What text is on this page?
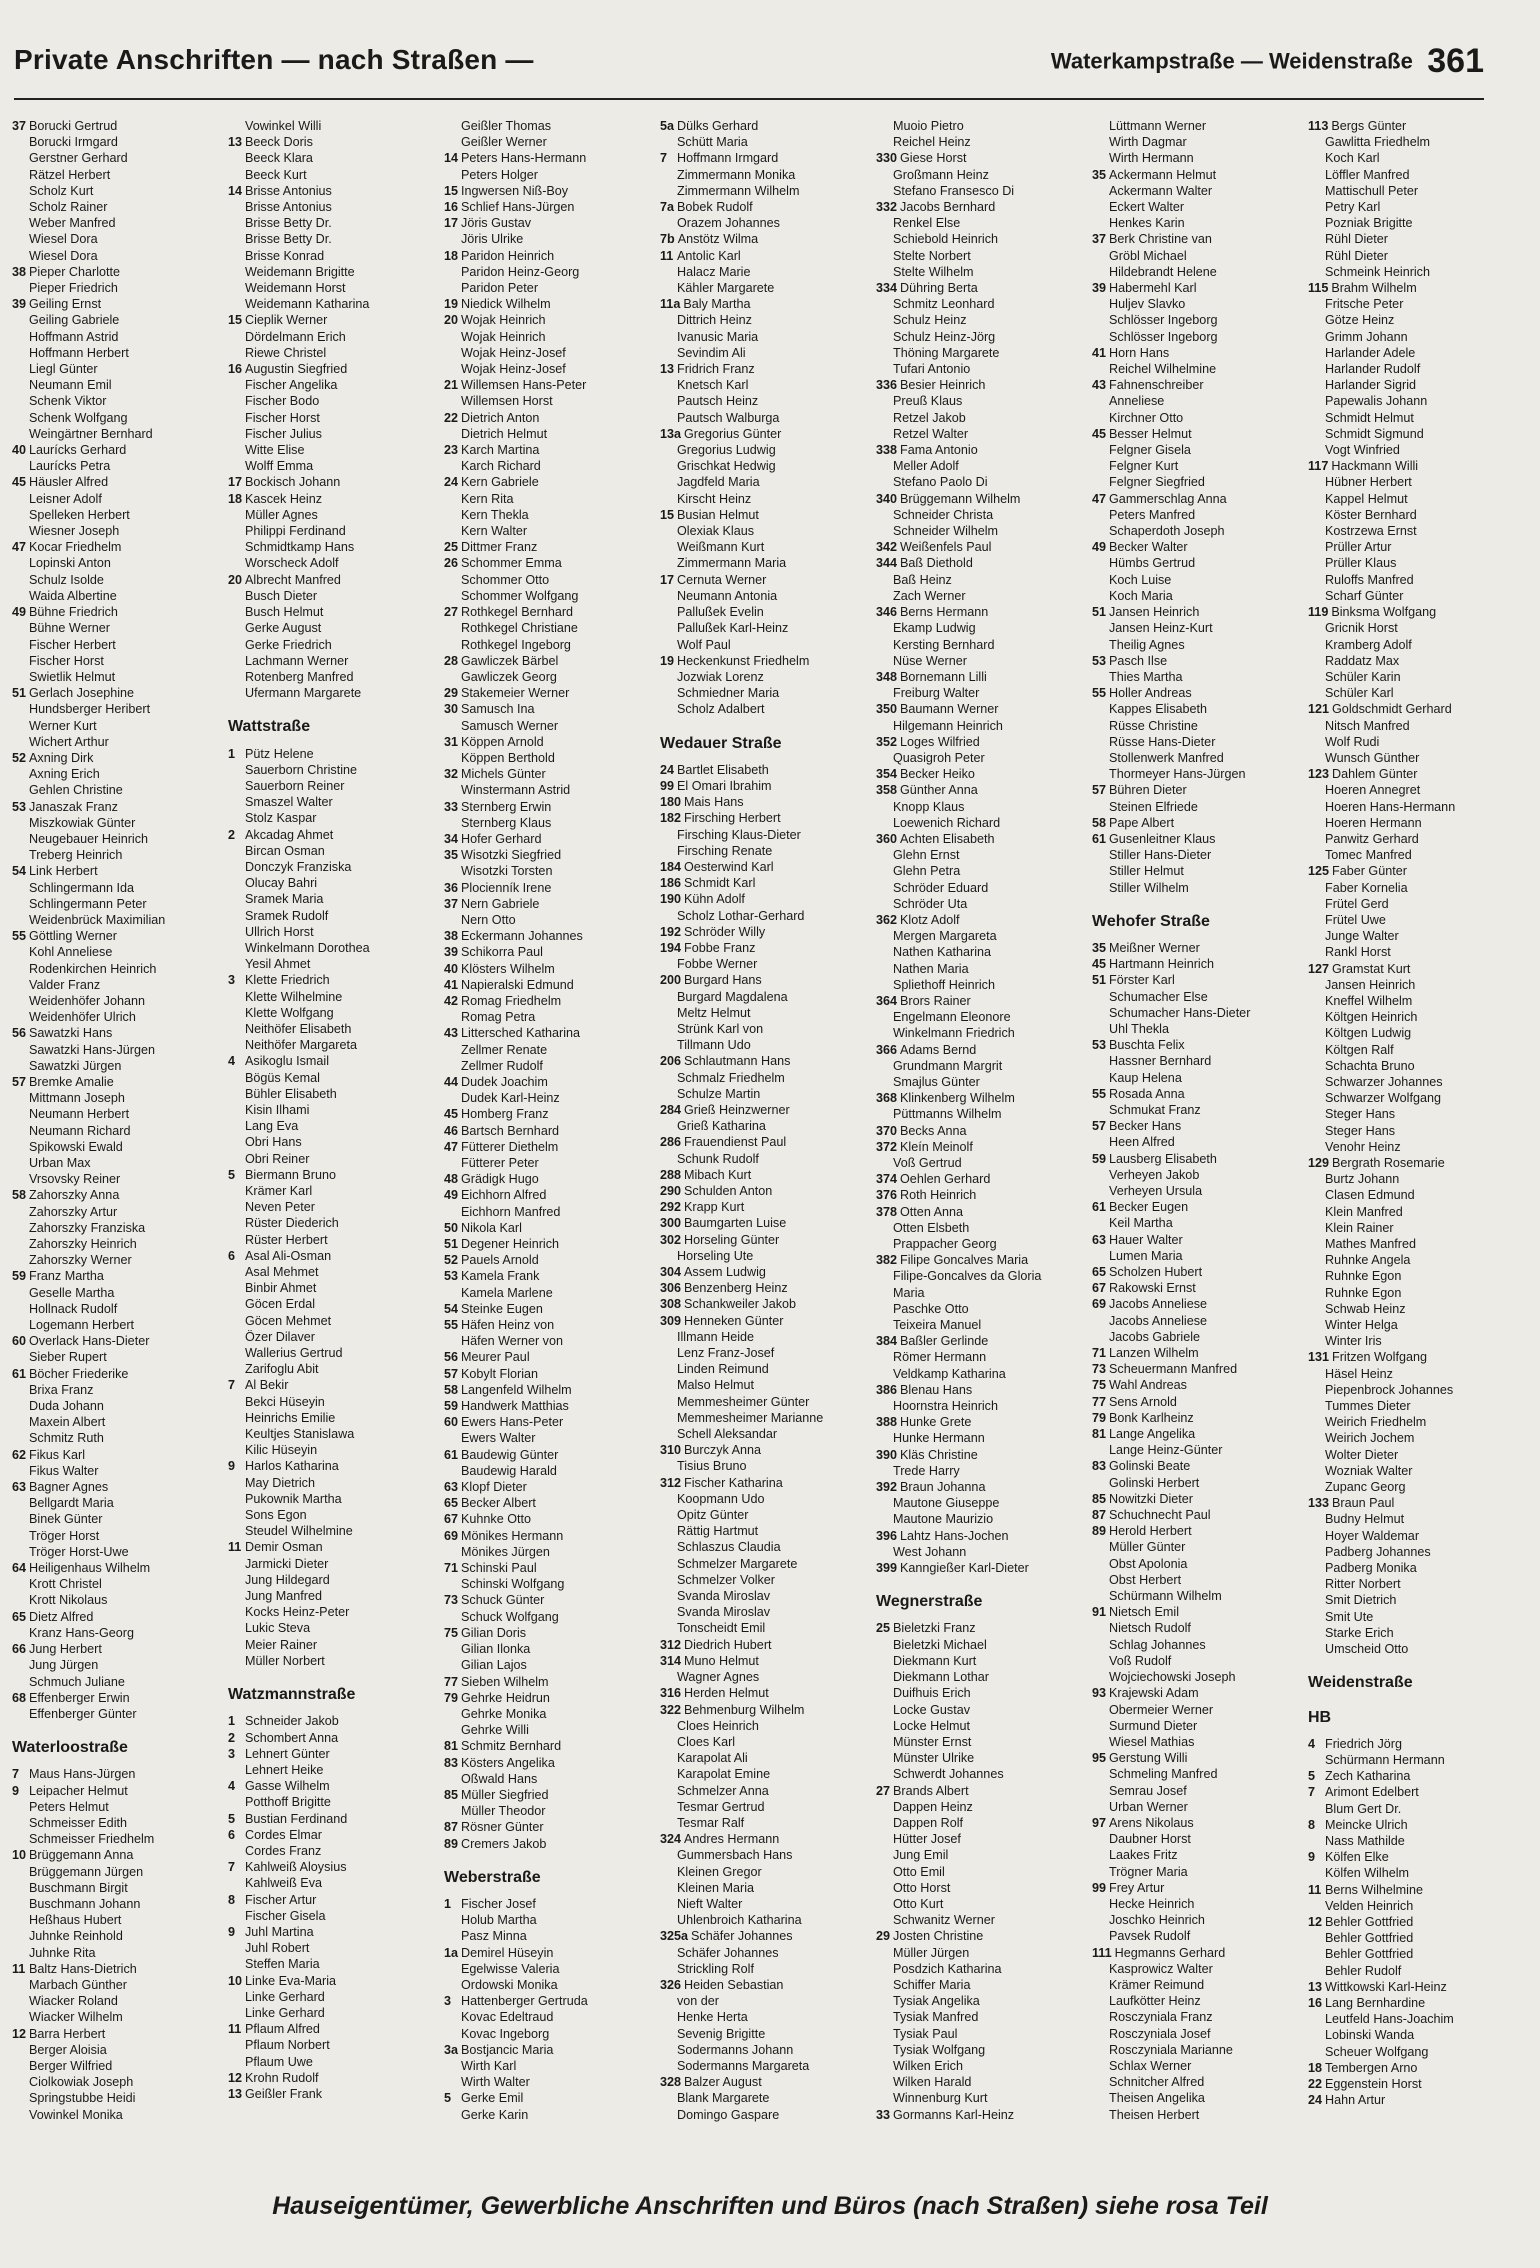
Private Anschriften — nach Straßen —	Waterkampstraße — Weidenstraße 361
37 Borucki Gertrud
Borucki Irmgard
Gerstner Gerhard
Rätzel Herbert
Scholz Kurt
Scholz Rainer
Weber Manfred
Wiesel Dora
Wiesel Dora
38 Pieper Charlotte
Pieper Friedrich
39 Geiling Ernst
Geiling Gabriele
Hoffmann Astrid
Hoffmann Herbert
Liegl Günter
Neumann Emil
Schenk Viktor
Schenk Wolfgang
Weingärtner Bernhard
40 Laurícks Gerhard
Laurícks Petra
45 Häusler Alfred
Leisner Adolf
Spelleken Herbert
Wiesner Joseph
47 Kocar Friedhelm
Lopinski Anton
Schulz Isolde
Waida Albertine
49 Bühne Friedrich
Bühne Werner
Fischer Herbert
Fischer Horst
Swietlik Helmut
51 Gerlach Josephine
Hundsberger Heribert
Werner Kurt
Wichert Arthur
52 Axning Dirk
Axning Erich
Gehlen Christine
53 Janaszak Franz
Miszkowiak Günter
Neugebauer Heinrich
Treberg Heinrich
54 Link Herbert
Schlingermann Ida
Schlingermann Peter
Weidenbrück Maximilian
55 Göttling Werner
Kohl Anneliese
Rodenkirchen Heinrich
Valder Franz
Weidenhöfer Johann
Weidenhöfer Ulrich
56 Sawatzki Hans
Sawatzki Hans-Jürgen
Sawatzki Jürgen
57 Bremke Amalie
Mittmann Joseph
Neumann Herbert
Neumann Richard
Spikowski Ewald
Urban Max
Vrsovsky Reiner
58 Zahorszky Anna
Zahorszky Artur
Zahorszky Franziska
Zahorszky Heinrich
Zahorszky Werner
59 Franz Martha
Geselle Martha
Hollnack Rudolf
Logemann Herbert
60 Overlack Hans-Dieter
Sieber Rupert
61 Böcher Friederike
Brixa Franz
Duda Johann
Maxein Albert
Schmitz Ruth
62 Fikus Karl
Fikus Walter
63 Bagner Agnes
Bellgardt Maria
Binek Günter
Tröger Horst
Tröger Horst-Uwe
64 Heiligenhaus Wilhelm
Krott Christel
Krott Nikolaus
65 Dietz Alfred
Kranz Hans-Georg
66 Jung Herbert
Jung Jürgen
Schmuch Juliane
68 Effenberger Erwin
Effenberger Günter
Waterloostraße
7 Maus Hans-Jürgen
9 Leipacher Helmut
Peters Helmut
Schmeisser Edith
Schmeisser Friedhelm
10 Brüggemann Anna
Brüggemann Jürgen
Buschmann Birgit
Buschmann Johann
Heßhaus Hubert
Juhnke Reinhold
Juhnke Rita
11 Baltz Hans-Dietrich
Marbach Günther
Wiacker Roland
Wiacker Wilhelm
12 Barra Herbert
Berger Aloisia
Berger Wilfried
Ciolkowiak Joseph
Springstubbe Heidi
Vowinkel Monika
Vowinkel Willi
13 Beeck Doris
Beeck Klara
Beeck Kurt
14 Brisse Antonius
Brisse Antonius
Brisse Betty Dr.
Brisse Betty Dr.
Brisse Konrad
Weidemann Brigitte
Weidemann Horst
Weidemann Katharina
15 Cieplik Werner
Dördelmann Erich
Riewe Christel
16 Augustin Siegfried
Fischer Angelika
Fischer Bodo
Fischer Horst
Fischer Julius
Witte Elise
Wolff Emma
17 Bockisch Johann
18 Kascek Heinz
Müller Agnes
Philippi Ferdinand
Schmidtkamp Hans
Worscheck Adolf
20 Albrecht Manfred
Busch Dieter
Busch Helmut
Gerke August
Gerke Friedrich
Lachmann Werner
Rotenberg Manfred
Ufermann Margarete
Wattstraße
1 Pütz Helene
Sauerborn Christine
Sauerborn Reiner
Smaszel Walter
Stolz Kaspar
2 Akcadag Ahmet
Bircan Osman
Donczyk Franziska
Olucay Bahri
Sramek Maria
Sramek Rudolf
Ullrich Horst
Winkelmann Dorothea
Yesil Ahmet
3 Klette Friedrich
Klette Wilhelmine
Klette Wolfgang
Neithöfer Elisabeth
Neithöfer Margareta
4 Asikoglu Ismail
Bögüs Kemal
Bühler Elisabeth
Kisin Ilhami
Lang Eva
Obri Hans
Obri Reiner
5 Biermann Bruno
Krämer Karl
Neven Peter
Rüster Diederich
Rüster Herbert
6 Asal Ali-Osman
Asal Mehmet
Binbir Ahmet
Göcen Erdal
Göcen Mehmet
Özer Dilaver
Wallerius Gertrud
Zarifoglu Abit
7 Al Bekir
Bekci Hüseyin
Heinrichs Emilie
Keultjes Stanislawa
Kilic Hüseyin
9 Harlos Katharina
May Dietrich
Pukownik Martha
Sons Egon
Steudel Wilhelmine
11 Demir Osman
Jarmicki Dieter
Jung Hildegard
Jung Manfred
Kocks Heinz-Peter
Lukic Steva
Meier Rainer
Müller Norbert
Watzmannstraße
1 Schneider Jakob
2 Schombert Anna
3 Lehnert Günter
Lehnert Heike
4 Gasse Wilhelm
Potthoff Brigitte
5 Bustian Ferdinand
6 Cordes Elmar
Cordes Franz
7 Kahlweiß Aloysius
Kahlweiß Eva
8 Fischer Artur
Fischer Gisela
9 Juhl Martina
Juhl Robert
Steffen Maria
10 Linke Eva-Maria
Linke Gerhard
Linke Gerhard
11 Pflaum Alfred
Pflaum Norbert
Pflaum Uwe
12 Krohn Rudolf
13 Geißler Frank
Geißler Thomas
Geißler Werner
14 Peters Hans-Hermann
Peters Holger
15 Ingwersen Niß-Boy
16 Schlief Hans-Jürgen
17 Jöris Gustav
Jöris Ulrike
18 Paridon Heinrich
Paridon Heinz-Georg
Paridon Peter
19 Niedick Wilhelm
20 Wojak Heinrich
Wojak Heinrich
Wojak Heinz-Josef
Wojak Heinz-Josef
21 Willemsen Hans-Peter
Willemsen Horst
22 Dietrich Anton
Dietrich Helmut
23 Karch Martina
Karch Richard
24 Kern Gabriele
Kern Rita
Kern Thekla
Kern Walter
25 Dittmer Franz
26 Schommer Emma
Schommer Otto
Schommer Wolfgang
27 Rothkegel Bernhard
Rothkegel Christiane
Rothkegel Ingeborg
28 Gawliczek Bärbel
Gawliczek Georg
29 Stakemeier Werner
30 Samusch Ina
Samusch Werner
31 Köppen Arnold
Köppen Berthold
32 Michels Günter
Winstermann Astrid
33 Sternberg Erwin
Sternberg Klaus
34 Hofer Gerhard
35 Wisotzki Siegfried
Wisotzki Torsten
36 Plocienník Irene
37 Nern Gabriele
Nern Otto
38 Eckermann Johannes
39 Schikorra Paul
40 Klösters Wilhelm
41 Napieralski Edmund
42 Romag Friedhelm
Romag Petra
43 Littersched Katharina
Zellmer Renate
Zellmer Rudolf
44 Dudek Joachim
Dudek Karl-Heinz
45 Homberg Franz
46 Bartsch Bernhard
47 Fütterer Diethelm
Fütterer Peter
48 Grädigk Hugo
49 Eichhorn Alfred
Eichhorn Manfred
50 Nikola Karl
51 Degener Heinrich
52 Pauels Arnold
53 Kamela Frank
Kamela Marlene
54 Steinke Eugen
55 Häfen Heinz von
Häfen Werner von
56 Meurer Paul
57 Kobylt Florian
58 Langenfeld Wilhelm
59 Handwerk Matthias
60 Ewers Hans-Peter
Ewers Walter
61 Baudewig Günter
Baudewig Harald
63 Klopf Dieter
65 Becker Albert
67 Kuhnke Otto
69 Mönikes Hermann
Mönikes Jürgen
71 Schinski Paul
Schinski Wolfgang
73 Schuck Günter
Schuck Wolfgang
75 Gilian Doris
Gilian Ilonka
Gilian Lajos
77 Sieben Wilhelm
79 Gehrke Heidrun
Gehrke Monika
Gehrke Willi
81 Schmitz Bernhard
83 Kösters Angelika
Oßwald Hans
85 Müller Siegfried
Müller Theodor
87 Rösner Günter
89 Cremers Jakob
Weberstraße
1 Fischer Josef
Holub Martha
Pasz Minna
1a Demirel Hüseyin
Egelwisse Valeria
Ordowski Monika
3 Hattenberger Gertruda
Kovac Edeltraud
Kovac Ingeborg
3a Bostjancic Maria
Wirth Karl
Wirth Walter
5 Gerke Emil
Gerke Karin
5a Dülks Gerhard
Schütt Maria
7 Hoffmann Irmgard
Zimmermann Monika
Zimmermann Wilhelm
7a Bobek Rudolf
Orazem Johannes
7b Anstötz Wilma
11 Antolic Karl
Halacz Marie
Kähler Margarete
11a Baly Martha
Dittrich Heinz
Ivanusic Maria
Sevindim Ali
13 Fridrich Franz
Knetsch Karl
Pautsch Heinz
Pautsch Walburga
13a Gregorius Günter
Gregorius Ludwig
Grischkat Hedwig
Jagdfeld Maria
Kirscht Heinz
15 Busian Helmut
Olexiak Klaus
Weißmann Kurt
Zimmermann Maria
17 Cernuta Werner
Neumann Antonia
Pallußek Evelin
Pallußek Karl-Heinz
Wolf Paul
19 Heckenkunst Friedhelm
Jozwiak Lorenz
Schmiedner Maria
Scholz Adalbert
Wedauer Straße
24 Bartlet Elisabeth
99 El Omari Ibrahim
180 Mais Hans
182 Firsching Herbert
Firsching Klaus-Dieter
Firsching Renate
184 Oesterwind Karl
186 Schmidt Karl
190 Kühn Adolf
Scholz Lothar-Gerhard
192 Schröder Willy
194 Fobbe Franz
Fobbe Werner
200 Burgard Hans
Burgard Magdalena
Meltz Helmut
Strünk Karl von
Tillmann Udo
206 Schlautmann Hans
Schmalz Friedhelm
Schulze Martin
284 Grieß Heinzwerner
Grieß Katharina
286 Frauendienst Paul
Schunk Rudolf
288 Mibach Kurt
290 Schulden Anton
292 Krapp Kurt
300 Baumgarten Luise
302 Horseling Günter
Horseling Ute
304 Assem Ludwig
306 Benzenberg Heinz
308 Schankweiler Jakob
309 Henneken Günter
Illmann Heide
Lenz Franz-Josef
Linden Reimund
Malso Helmut
Memmesheimer Günter
Memmesheimer Marianne
Schell Aleksandar
310 Burczyk Anna
Tisius Bruno
312 Fischer Katharina
Koopmann Udo
Opitz Günter
Rättig Hartmut
Schlaszus Claudia
Schmelzer Margarete
Schmelzer Volker
Svanda Miroslav
Svanda Miroslav
Tonscheidt Emil
312 Diedrich Hubert
314 Muno Helmut
Wagner Agnes
316 Herden Helmut
322 Behmenburg Wilhelm
Cloes Heinrich
Cloes Karl
Karapolat Ali
Karapolat Emine
Schmelzer Anna
Tesmar Gertrud
Tesmar Ralf
324 Andres Hermann
Gummersbach Hans
Kleinen Gregor
Kleinen Maria
Nieft Walter
Uhlenbroich Katharina
325a Schäfer Johannes
Schäfer Johannes
Strickling Rolf
326 Heiden Sebastian
von der
Henke Herta
Sevenig Brigitte
Sodermanns Johann
Sodermanns Margareta
328 Balzer August
Blank Margarete
Domingo Gaspare
Muoio Pietro
Reichel Heinz
330 Giese Horst
Großmann Heinz
Stefano Fransesco Di
332 Jacobs Bernhard
Renkel Else
Schiebold Heinrich
Stelte Norbert
Stelte Wilhelm
334 Dühring Berta
Schmitz Leonhard
Schulz Heinz
Schulz Heinz-Jörg
Thöning Margarete
Tufari Antonio
336 Besier Heinrich
Preuß Klaus
Retzel Jakob
Retzel Walter
338 Fama Antonio
Meller Adolf
Stefano Paolo Di
340 Brüggemann Wilhelm
Schneider Christa
Schneider Wilhelm
342 Weißenfels Paul
344 Baß Diethold
Baß Heinz
Zach Werner
346 Berns Hermann
Ekamp Ludwig
Kersting Bernhard
Nüse Werner
348 Bornemann Lilli
Freiburg Walter
350 Baumann Werner
Hilgemann Heinrich
352 Loges Wilfried
Quasigroh Peter
354 Becker Heiko
358 Günther Anna
Knopp Klaus
Loewenich Richard
360 Achten Elisabeth
Glehn Ernst
Glehn Petra
Schröder Eduard
Schröder Uta
362 Klotz Adolf
Mergen Margareta
Nathen Katharina
Nathen Maria
Spliethoff Heinrich
364 Brors Rainer
Engelmann Eleonore
Winkelmann Friedrich
366 Adams Bernd
Grundmann Margrit
Smajlus Günter
368 Klinkenberg Wilhelm
Püttmanns Wilhelm
370 Becks Anna
372 Kleín Meinolf
Voß Gertrud
374 Oehlen Gerhard
376 Roth Heinrich
378 Otten Anna
Otten Elsbeth
Prappacher Georg
382 Filipe Goncalves Maria
Filipe-Goncalves da Gloria
Maria
Paschke Otto
Teixeira Manuel
384 Baßler Gerlinde
Römer Hermann
Veldkamp Katharina
386 Blenau Hans
Hoornstra Heinrich
388 Hunke Grete
Hunke Hermann
390 Kläs Christine
Trede Harry
392 Braun Johanna
Mautone Giuseppe
Mautone Maurizio
396 Lahtz Hans-Jochen
West Johann
399 Kanngießer Karl-Dieter
Wegnerstraße
25 Bieletzki Franz
Bieletzki Michael
Diekmann Kurt
Diekmann Lothar
Duifhuis Erich
Locke Gustav
Locke Helmut
Münster Ernst
Münster Ulrike
Schwerdt Johannes
27 Brands Albert
Dappen Heinz
Dappen Rolf
Hütter Josef
Jung Emil
Otto Emil
Otto Horst
Otto Kurt
Schwanitz Werner
29 Josten Christine
Müller Jürgen
Posdzich Katharina
Schiffer Maria
Tysiak Angelika
Tysiak Manfred
Tysiak Paul
Tysiak Wolfgang
Wilken Erich
Wilken Harald
Winnenburg Kurt
33 Gormanns Karl-Heinz
Lüttmann Werner
Wirth Dagmar
Wirth Hermann
35 Ackermann Helmut
Ackermann Walter
Eckert Walter
Henkes Karin
37 Berk Christine van
Gröbl Michael
Hildebrandt Helene
39 Habermehl Karl
Huljev Slavko
Schlösser Ingeborg
Schlösser Ingeborg
41 Horn Hans
Reichel Wilhelmine
43 Fahnenschreiber
Anneliese
Kirchner Otto
45 Besser Helmut
Felgner Gisela
Felgner Kurt
Felgner Siegfried
47 Gammerschlag Anna
Peters Manfred
Schaperdoth Joseph
49 Becker Walter
Hümbs Gertrud
Koch Luise
Koch Maria
51 Jansen Heinrich
Jansen Heinz-Kurt
Theilig Agnes
53 Pasch Ilse
Thies Martha
55 Holler Andreas
Kappes Elisabeth
Rüsse Christine
Rüsse Hans-Dieter
Stollenwerk Manfred
Thormeyer Hans-Jürgen
57 Bühren Dieter
Steinen Elfriede
58 Pape Albert
61 Gusenleitner Klaus
Stiller Hans-Dieter
Stiller Helmut
Stiller Wilhelm
Wehofer Straße
35 Meißner Werner
45 Hartmann Heinrich
51 Förster Karl
Schumacher Else
Schumacher Hans-Dieter
Uhl Thekla
53 Buschta Felix
Hassner Bernhard
Kaup Helena
55 Rosada Anna
Schmukat Franz
57 Becker Hans
Heen Alfred
59 Lausberg Elisabeth
Verheyen Jakob
Verheyen Ursula
61 Becker Eugen
Keil Martha
63 Hauer Walter
Lumen Maria
65 Scholzen Hubert
67 Rakowski Ernst
69 Jacobs Anneliese
Jacobs Anneliese
Jacobs Gabriele
71 Lanzen Wilhelm
73 Scheuermann Manfred
75 Wahl Andreas
77 Sens Arnold
79 Bonk Karlheinz
81 Lange Angelika
Lange Heinz-Günter
83 Golinski Beate
Golinski Herbert
85 Nowitzki Dieter
87 Schuchnecht Paul
89 Herold Herbert
Müller Günter
Obst Apolonia
Obst Herbert
Schürmann Wilhelm
91 Nietsch Emil
Nietsch Rudolf
Schlag Johannes
Voß Rudolf
Wojciechowski Joseph
93 Krajewski Adam
Obermeier Werner
Surmund Dieter
Wiesel Mathias
95 Gerstung Willi
Schmeling Manfred
Semrau Josef
Urban Werner
97 Arens Nikolaus
Daubner Horst
Laakes Fritz
Trögner Maria
99 Frey Artur
Hecke Heinrich
Joschko Heinrich
Pavsek Rudolf
111 Hegmanns Gerhard
Kasprowicz Walter
Krämer Reimund
Laufkötter Heinz
Rosczyniala Franz
Rosczyniala Josef
Rosczyniala Marianne
Schlax Werner
Schnitcher Alfred
Theisen Angelika
Theisen Herbert
113 Bergs Günter
Gawlitta Friedhelm
Koch Karl
Löffler Manfred
Mattischull Peter
Petry Karl
Pozniak Brigitte
Rühl Dieter
Rühl Dieter
Schmeink Heinrich
115 Brahm Wilhelm
Fritsche Peter
Götze Heinz
Grimm Johann
Harlander Adele
Harlander Rudolf
Harlander Sigrid
Papewalis Johann
Schmidt Helmut
Schmidt Sigmund
Vogt Winfried
117 Hackmann Willi
Hübner Herbert
Kappel Helmut
Köster Bernhard
Kostrzewa Ernst
Prüller Artur
Prüller Klaus
Ruloffs Manfred
Scharf Günter
119 Binksma Wolfgang
Gricnik Horst
Kramberg Adolf
Raddatz Max
Schüler Karin
Schüler Karl
121 Goldschmidt Gerhard
Nitsch Manfred
Wolf Rudi
Wunsch Günther
123 Dahlem Günter
Hoeren Annegret
Hoeren Hans-Hermann
Hoeren Hermann
Panwitz Gerhard
Tomec Manfred
125 Faber Günter
Faber Kornelia
Frütel Gerd
Frütel Uwe
Junge Walter
Rankl Horst
127 Gramstat Kurt
Jansen Heinrich
Kneffel Wilhelm
Költgen Heinrich
Költgen Ludwig
Költgen Ralf
Schachta Bruno
Schwarzer Johannes
Schwarzer Wolfgang
Steger Hans
Steger Hans
Venohr Heinz
129 Bergrath Rosemarie
Burtz Johann
Clasen Edmund
Klein Manfred
Klein Rainer
Mathes Manfred
Ruhnke Angela
Ruhnke Egon
Ruhnke Egon
Schwab Heinz
Winter Helga
Winter Iris
131 Fritzen Wolfgang
Häsel Heinz
Piepenbrock Johannes
Tummes Dieter
Weirich Friedhelm
Weirich Jochem
Wolter Dieter
Wozniak Walter
Zupanc Georg
133 Braun Paul
Budny Helmut
Hoyer Waldemar
Padberg Johannes
Padberg Monika
Ritter Norbert
Smit Dietrich
Smit Ute
Starke Erich
Umscheid Otto
Weidenstraße
HB
4 Friedrich Jörg
Schürmann Hermann
5 Zech Katharina
7 Arimont Edelbert
Blum Gert Dr.
8 Meincke Ulrich
Nass Mathilde
9 Kölfen Elke
Kölfen Wilhelm
11 Berns Wilhelmine
Velden Heinrich
12 Behler Gottfried
Behler Gottfried
Behler Gottfried
Behler Rudolf
13 Wittkowski Karl-Heinz
16 Lang Bernhardine
Leutfeld Hans-Joachim
Lobinski Wanda
Scheuer Wolfgang
18 Tembergen Arno
22 Eggenstein Horst
24 Hahn Artur
Hauseigentümer, Gewerbliche Anschriften und Büros (nach Straßen) siehe rosa Teil
